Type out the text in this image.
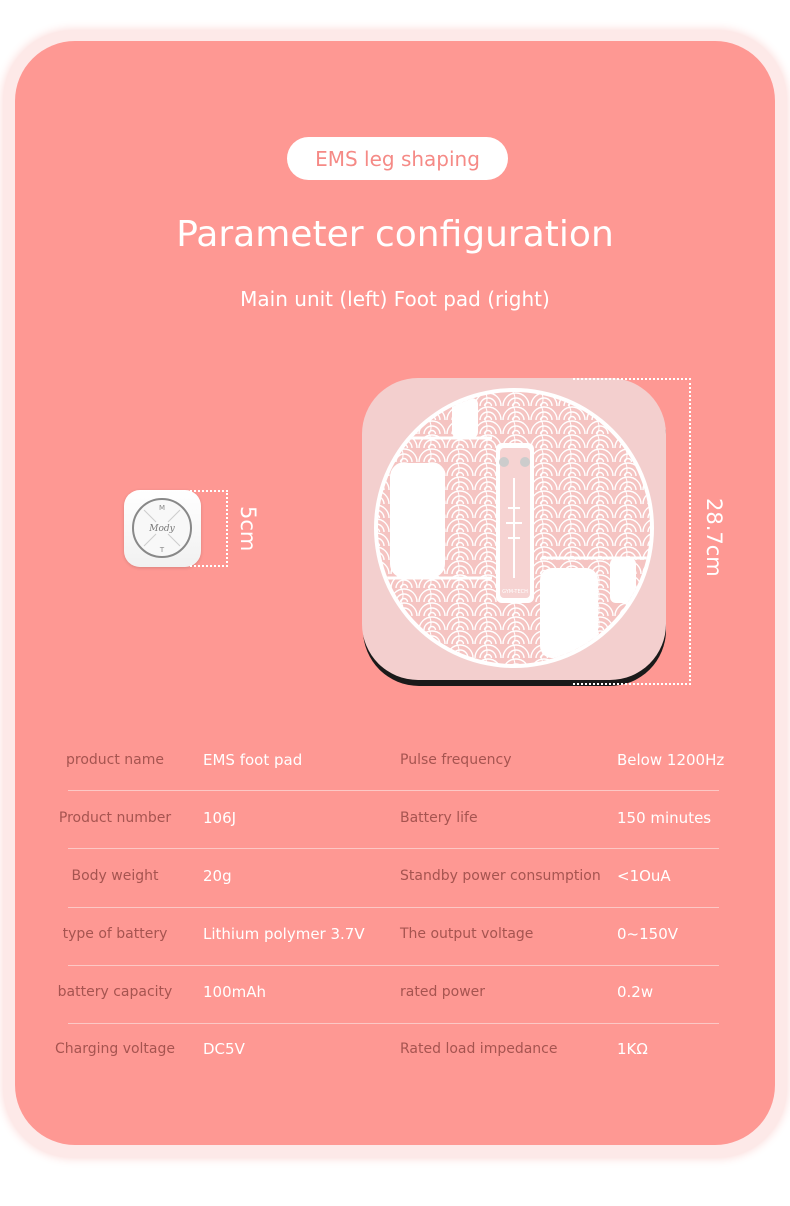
EMS leg shaping
Parameter configuration
Main unit (left) Foot pad (right)
M
T
Mody	5cm
GYM-TECH
28.7cm
product name	EMS foot pad	Pulse frequency	Below 1200Hz
Product number	106J	Battery life	150 minutes
Body weight	20g	Standby power consumption <1OuA
type of battery	Lithium polymer 3.7V	The output voltage	0~150V
battery capacity	100mAh	rated power	0.2w
Charging voltage	DC5V	Rated load impedance	1KΩ
